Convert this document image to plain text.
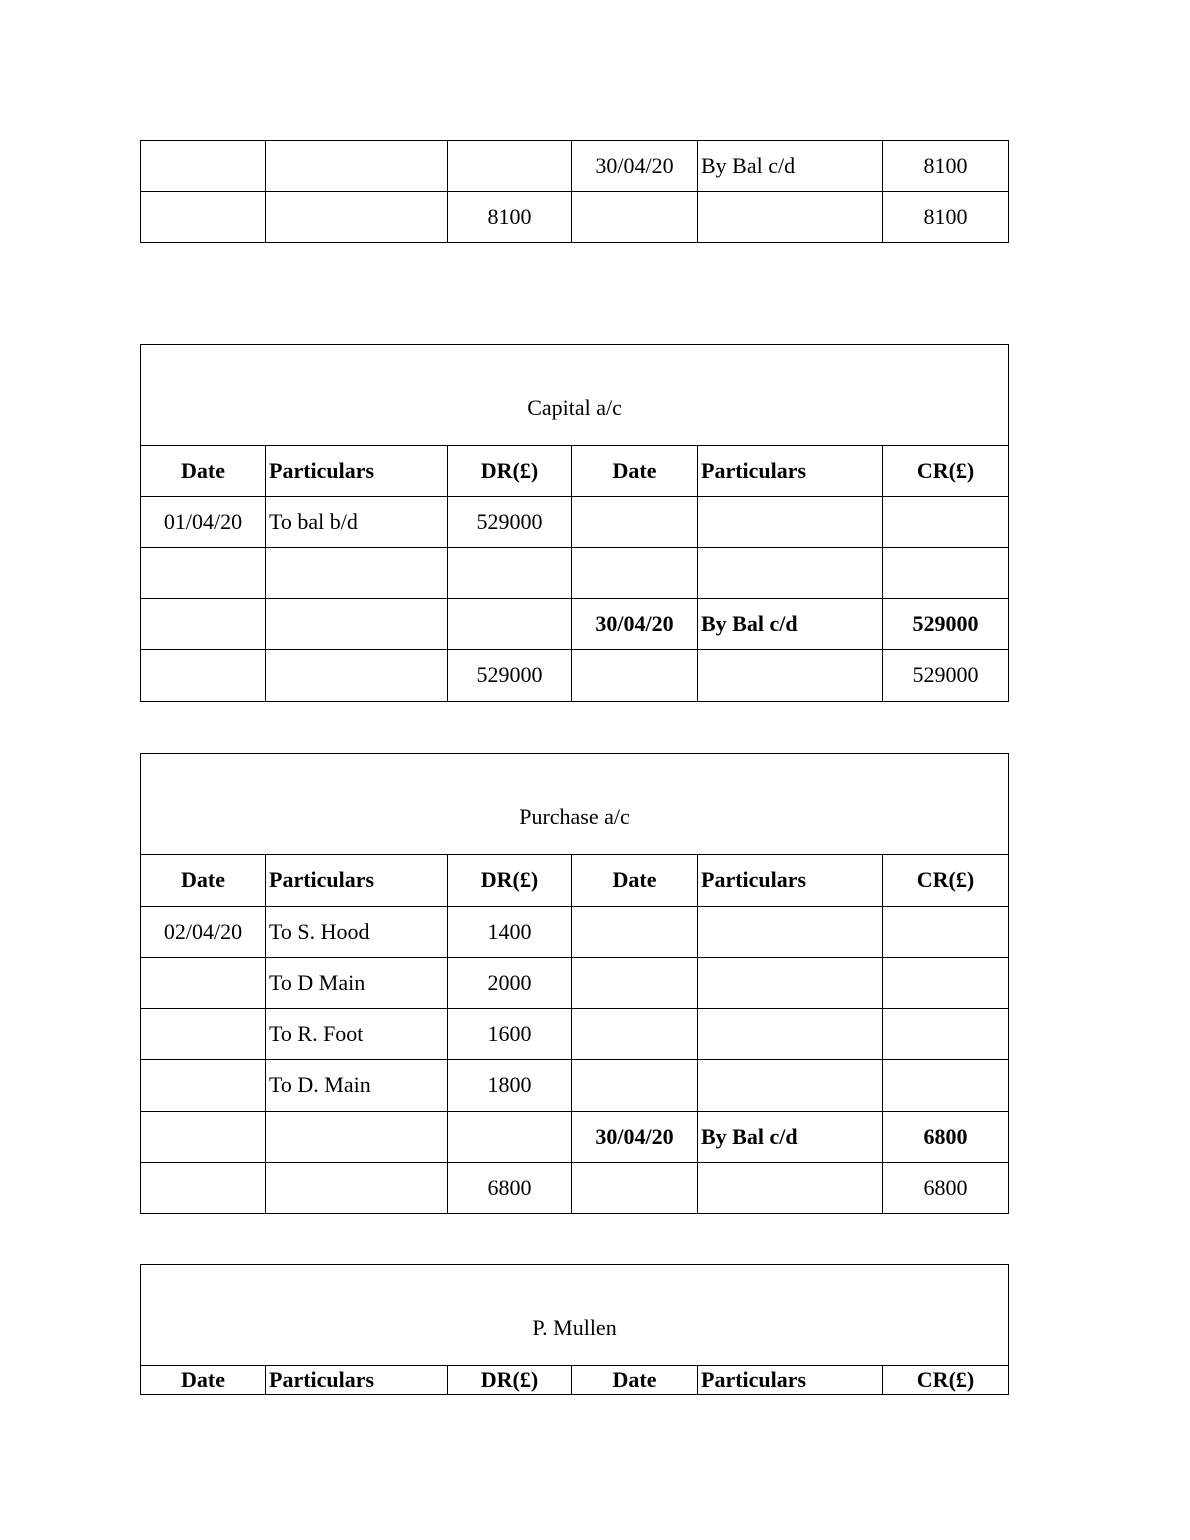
			30/04/20	By Bal c/d	8100
		8100			8100
Capital a/c					
Date	Particulars	DR(£)	Date	Particulars	CR(£)
01/04/20	To bal b/d	529000			

			30/04/20	By Bal c/d	529000
		529000			529000
Purchase a/c					
Date	Particulars	DR(£)	Date	Particulars	CR(£)
02/04/20	To S. Hood	1400			
	To D Main	2000			
	To R. Foot	1600			
	To D. Main	1800			
			30/04/20	By Bal c/d	6800
		6800			6800
P. Mullen
Date	Particulars	DR(£)	Date	Particulars	CR(£)
